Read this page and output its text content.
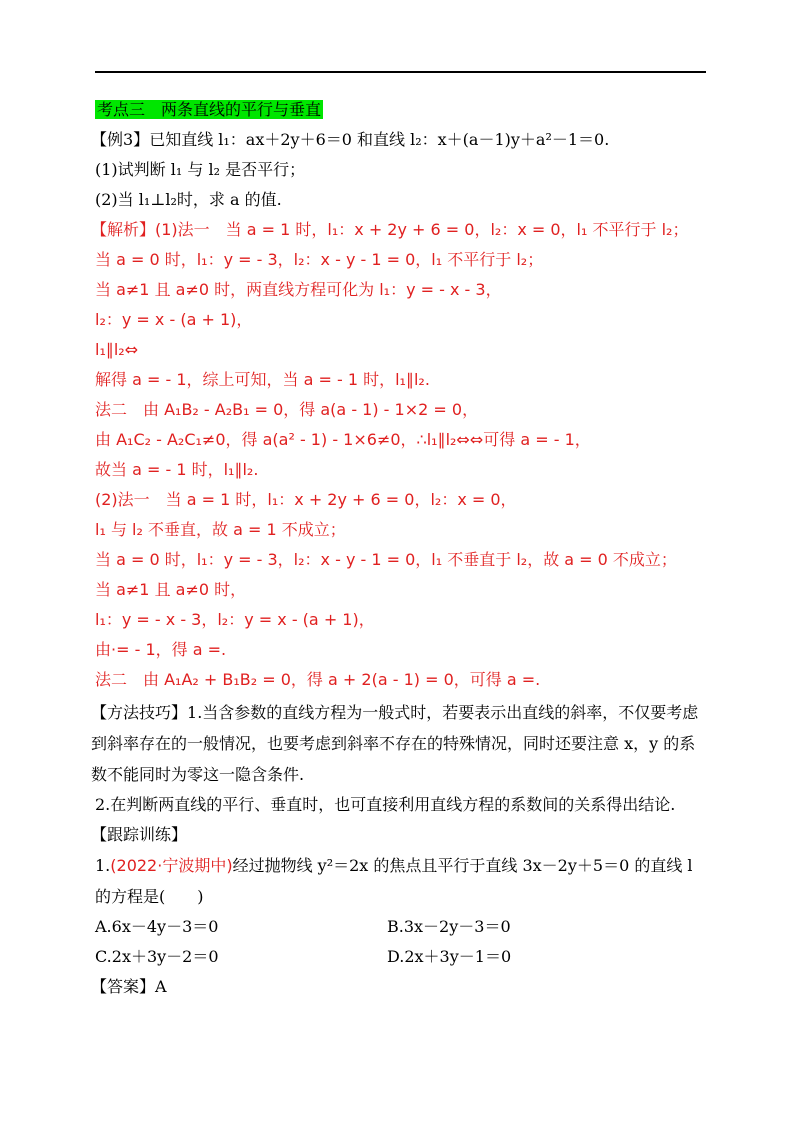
考点三　两条直线的平行与垂直
【例3】已知直线 l₁：ax＋2y＋6＝0 和直线 l₂：x＋(a－1)y＋a²－1＝0.
(1)试判断 l₁ 与 l₂ 是否平行；
(2)当 l₁⊥l₂时，求 a 的值.
【解析】(1)法一　当 a = 1 时，l₁：x + 2y + 6 = 0，l₂：x = 0，l₁ 不平行于 l₂；
当 a = 0 时，l₁：y = - 3，l₂：x - y - 1 = 0，l₁ 不平行于 l₂；
当 a≠1 且 a≠0 时，两直线方程可化为 l₁：y = - x - 3，
l₂：y = x - (a + 1)，
l₁∥l₂⇔
解得 a = - 1，综上可知，当 a = - 1 时，l₁∥l₂.
法二　由 A₁B₂ - A₂B₁ = 0，得 a(a - 1) - 1×2 = 0，
由 A₁C₂ - A₂C₁≠0，得 a(a² - 1) - 1×6≠0，∴l₁∥l₂⇔⇔可得 a = - 1，
故当 a = - 1 时，l₁∥l₂.
(2)法一　当 a = 1 时，l₁：x + 2y + 6 = 0，l₂：x = 0，
l₁ 与 l₂ 不垂直，故 a = 1 不成立；
当 a = 0 时，l₁：y = - 3，l₂：x - y - 1 = 0，l₁ 不垂直于 l₂，故 a = 0 不成立；
当 a≠1 且 a≠0 时，
l₁：y = - x - 3，l₂：y = x - (a + 1)，
由·= - 1，得 a =.
法二　由 A₁A₂ + B₁B₂ = 0，得 a + 2(a - 1) = 0，可得 a =.
【方法技巧】1.当含参数的直线方程为一般式时，若要表示出直线的斜率，不仅要考虑到斜率存在的一般情况，也要考虑到斜率不存在的特殊情况，同时还要注意 x，y 的系数不能同时为零这一隐含条件.
2.在判断两直线的平行、垂直时，也可直接利用直线方程的系数间的关系得出结论.
【跟踪训练】
1.(2022·宁波期中)经过抛物线 y²＝2x 的焦点且平行于直线 3x－2y＋5＝0 的直线 l 的方程是(　　)
A.6x－4y－3＝0	B.3x－2y－3＝0
C.2x＋3y－2＝0	D.2x＋3y－1＝0
【答案】A
